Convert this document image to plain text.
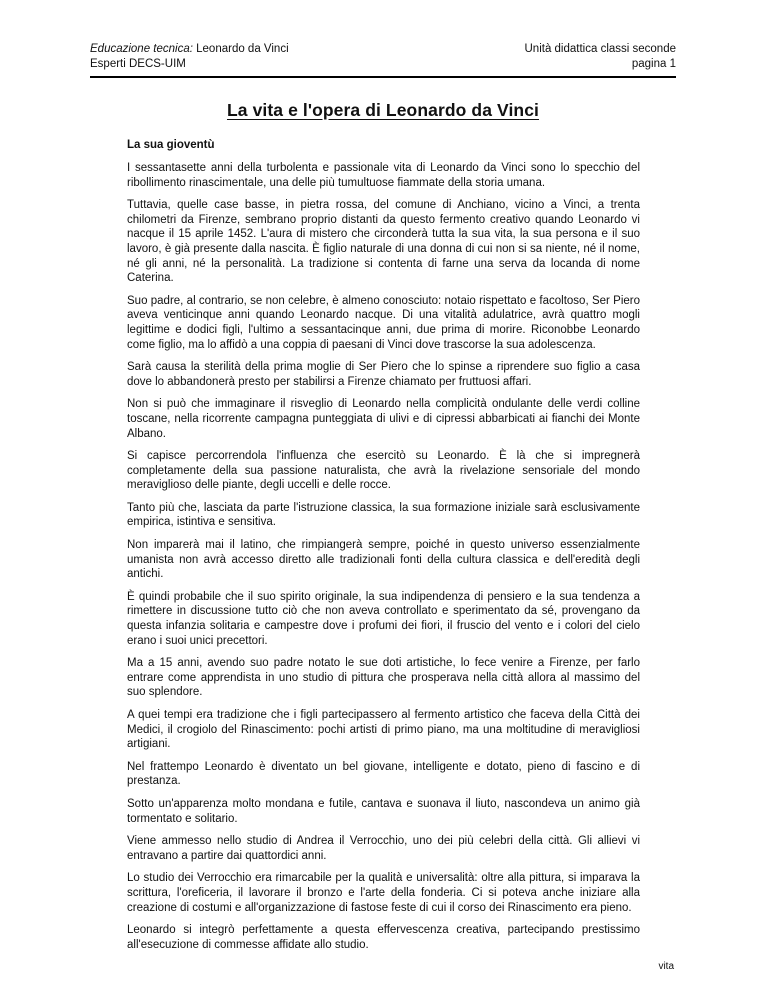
Educazione tecnica: Leonardo da Vinci	Unità didattica classi seconde
Esperti DECS-UIM	pagina 1
La vita e l'opera di Leonardo da Vinci
La sua gioventù

I sessantasette anni della turbolenta e passionale vita di Leonardo da Vinci sono lo specchio del ribollimento rinascimentale, una delle più tumultuose fiammate della storia umana.

Tuttavia, quelle case basse, in pietra rossa, del comune di Anchiano, vicino a Vinci, a trenta chilometri da Firenze, sembrano proprio distanti da questo fermento creativo quando Leonardo vi nacque il 15 aprile 1452. L'aura di mistero che circonderà tutta la sua vita, la sua persona e il suo lavoro, è già presente dalla nascita. È figlio naturale di una donna di cui non si sa niente, né il nome, né gli anni, né la personalità. La tradizione si contenta di farne una serva da locanda di nome Caterina.

Suo padre, al contrario, se non celebre, è almeno conosciuto: notaio rispettato e facoltoso, Ser Piero aveva venticinque anni quando Leonardo nacque. Di una vitalità adulatrice, avrà quattro mogli legittime e dodici figli, l'ultimo a sessantacinque anni, due prima di morire. Riconobbe Leonardo come figlio, ma lo affidò a una coppia di paesani di Vinci dove trascorse la sua adolescenza.

Sarà causa la sterilità della prima moglie di Ser Piero che lo spinse a riprendere suo figlio a casa dove lo abbandonerà presto per stabilirsi a Firenze chiamato per fruttuosi affari.

Non si può che immaginare il risveglio di Leonardo nella complicità ondulante delle verdi colline toscane, nella ricorrente campagna punteggiata di ulivi e di cipressi abbarbicati ai fianchi dei Monte Albano.

Si capisce percorrendola l'influenza che esercitò su Leonardo. È là che si impregnerà completamente della sua passione naturalista, che avrà la rivelazione sensoriale del mondo meraviglioso delle piante, degli uccelli e delle rocce.

Tanto più che, lasciata da parte l'istruzione classica, la sua formazione iniziale sarà esclusivamente empirica, istintiva e sensitiva.

Non imparerà mai il latino, che rimpiangerà sempre, poiché in questo universo essenzialmente umanista non avrà accesso diretto alle tradizionali fonti della cultura classica e dell'eredità degli antichi.

È quindi probabile che il suo spirito originale, la sua indipendenza di pensiero e la sua tendenza a rimettere in discussione tutto ciò che non aveva controllato e sperimentato da sé, provengano da questa infanzia solitaria e campestre dove i profumi dei fiori, il fruscio del vento e i colori del cielo erano i suoi unici precettori.

Ma a 15 anni, avendo suo padre notato le sue doti artistiche, lo fece venire a Firenze, per farlo entrare come apprendista in uno studio di pittura che prosperava nella città allora al massimo del suo splendore.

A quei tempi era tradizione che i figli partecipassero al fermento artistico che faceva della Città dei Medici, il crogiolo del Rinascimento: pochi artisti di primo piano, ma una moltitudine di meravigliosi artigiani.

Nel frattempo Leonardo è diventato un bel giovane, intelligente e dotato, pieno di fascino e di prestanza.

Sotto un'apparenza molto mondana e futile, cantava e suonava il liuto, nascondeva un animo già tormentato e solitario.

Viene ammesso nello studio di Andrea il Verrocchio, uno dei più celebri della città. Gli allievi vi entravano a partire dai quattordici anni.

Lo studio dei Verrocchio era rimarcabile per la qualità e universalità: oltre alla pittura, si imparava la scrittura, l'oreficeria, il lavorare il bronzo e l'arte della fonderia. Ci si poteva anche iniziare alla creazione di costumi e all'organizzazione di fastose feste di cui il corso dei Rinascimento era pieno.

Leonardo si integrò perfettamente a questa effervescenza creativa, partecipando prestissimo all'esecuzione di commesse affidate allo studio.

vita
